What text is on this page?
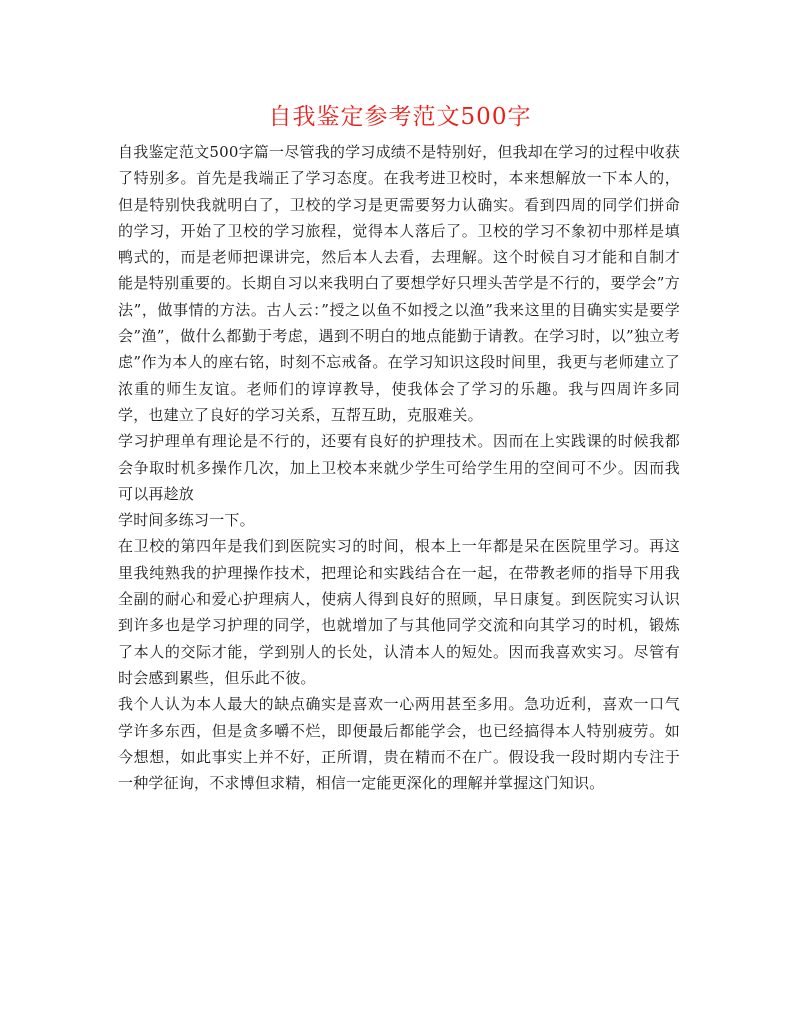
自我鉴定参考范文500字

自我鉴定范文500字篇一尽管我的学习成绩不是特别好，但我却在学习的过程中收获了特别多。首先是我端正了学习态度。在我考进卫校时，本来想解放一下本人的，但是特别快我就明白了，卫校的学习是更需要努力认确实。看到四周的同学们拼命的学习，开始了卫校的学习旅程，觉得本人落后了。卫校的学习不象初中那样是填鸭式的，而是老师把课讲完，然后本人去看，去理解。这个时候自习才能和自制才能是特别重要的。长期自习以来我明白了要想学好只埋头苦学是不行的，要学会”方法”，做事情的方法。古人云：”授之以鱼不如授之以渔”我来这里的目确实实是要学会”渔”，做什么都勤于考虑，遇到不明白的地点能勤于请教。在学习时，以”独立考虑”作为本人的座右铭，时刻不忘戒备。在学习知识这段时间里，我更与老师建立了浓重的师生友谊。老师们的谆谆教导，使我体会了学习的乐趣。我与四周许多同学，也建立了良好的学习关系，互帮互助，克服难关。

学习护理单有理论是不行的，还要有良好的护理技术。因而在上实践课的时候我都会争取时机多操作几次，加上卫校本来就少学生可给学生用的空间可不少。因而我可以再趁放

学时间多练习一下。

在卫校的第四年是我们到医院实习的时间，根本上一年都是呆在医院里学习。再这里我纯熟我的护理操作技术，把理论和实践结合在一起，在带教老师的指导下用我全副的耐心和爱心护理病人，使病人得到良好的照顾，早日康复。到医院实习认识到许多也是学习护理的同学，也就增加了与其他同学交流和向其学习的时机，锻炼了本人的交际才能，学到别人的长处，认清本人的短处。因而我喜欢实习。尽管有时会感到累些，但乐此不彼。

我个人认为本人最大的缺点确实是喜欢一心两用甚至多用。急功近利，喜欢一口气学许多东西，但是贪多嚼不烂，即便最后都能学会，也已经搞得本人特别疲劳。如今想想，如此事实上并不好，正所谓，贵在精而不在广。假设我一段时期内专注于一种学征询，不求博但求精，相信一定能更深化的理解并掌握这门知识。
